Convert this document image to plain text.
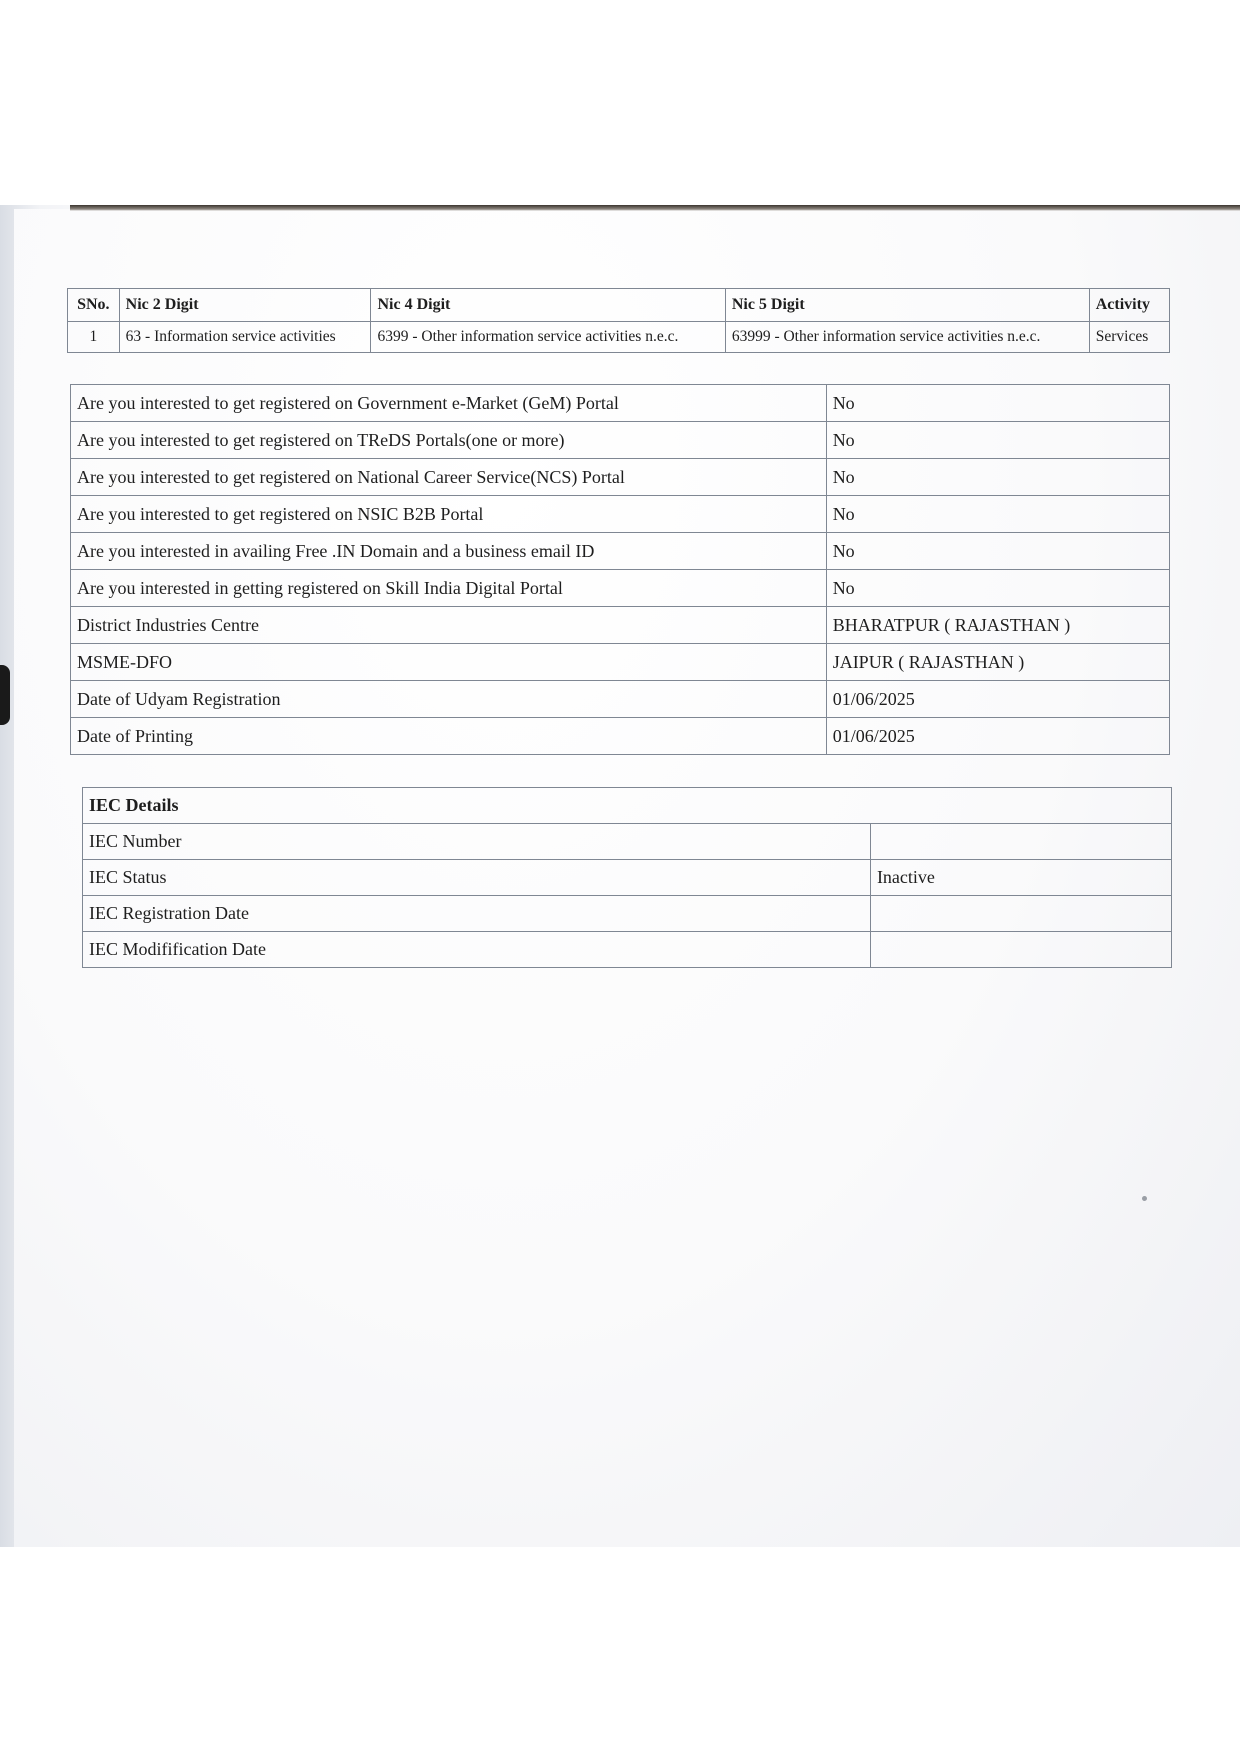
SNo.	Nic 2 Digit	Nic 4 Digit	Nic 5 Digit	Activity
1	63 - Information service activities	6399 - Other information service activities n.e.c.	63999 - Other information service activities n.e.c.	Services
Are you interested to get registered on Government e-Market (GeM) Portal	No
Are you interested to get registered on TReDS Portals(one or more)	No
Are you interested to get registered on National Career Service(NCS) Portal	No
Are you interested to get registered on NSIC B2B Portal	No
Are you interested in availing Free .IN Domain and a business email ID	No
Are you interested in getting registered on Skill India Digital Portal	No
District Industries Centre	BHARATPUR ( RAJASTHAN )
MSME-DFO	JAIPUR ( RAJASTHAN )
Date of Udyam Registration	01/06/2025
Date of Printing	01/06/2025
IEC Details	
IEC Number	
IEC Status	Inactive
IEC Registration Date	
IEC Modifification Date	
